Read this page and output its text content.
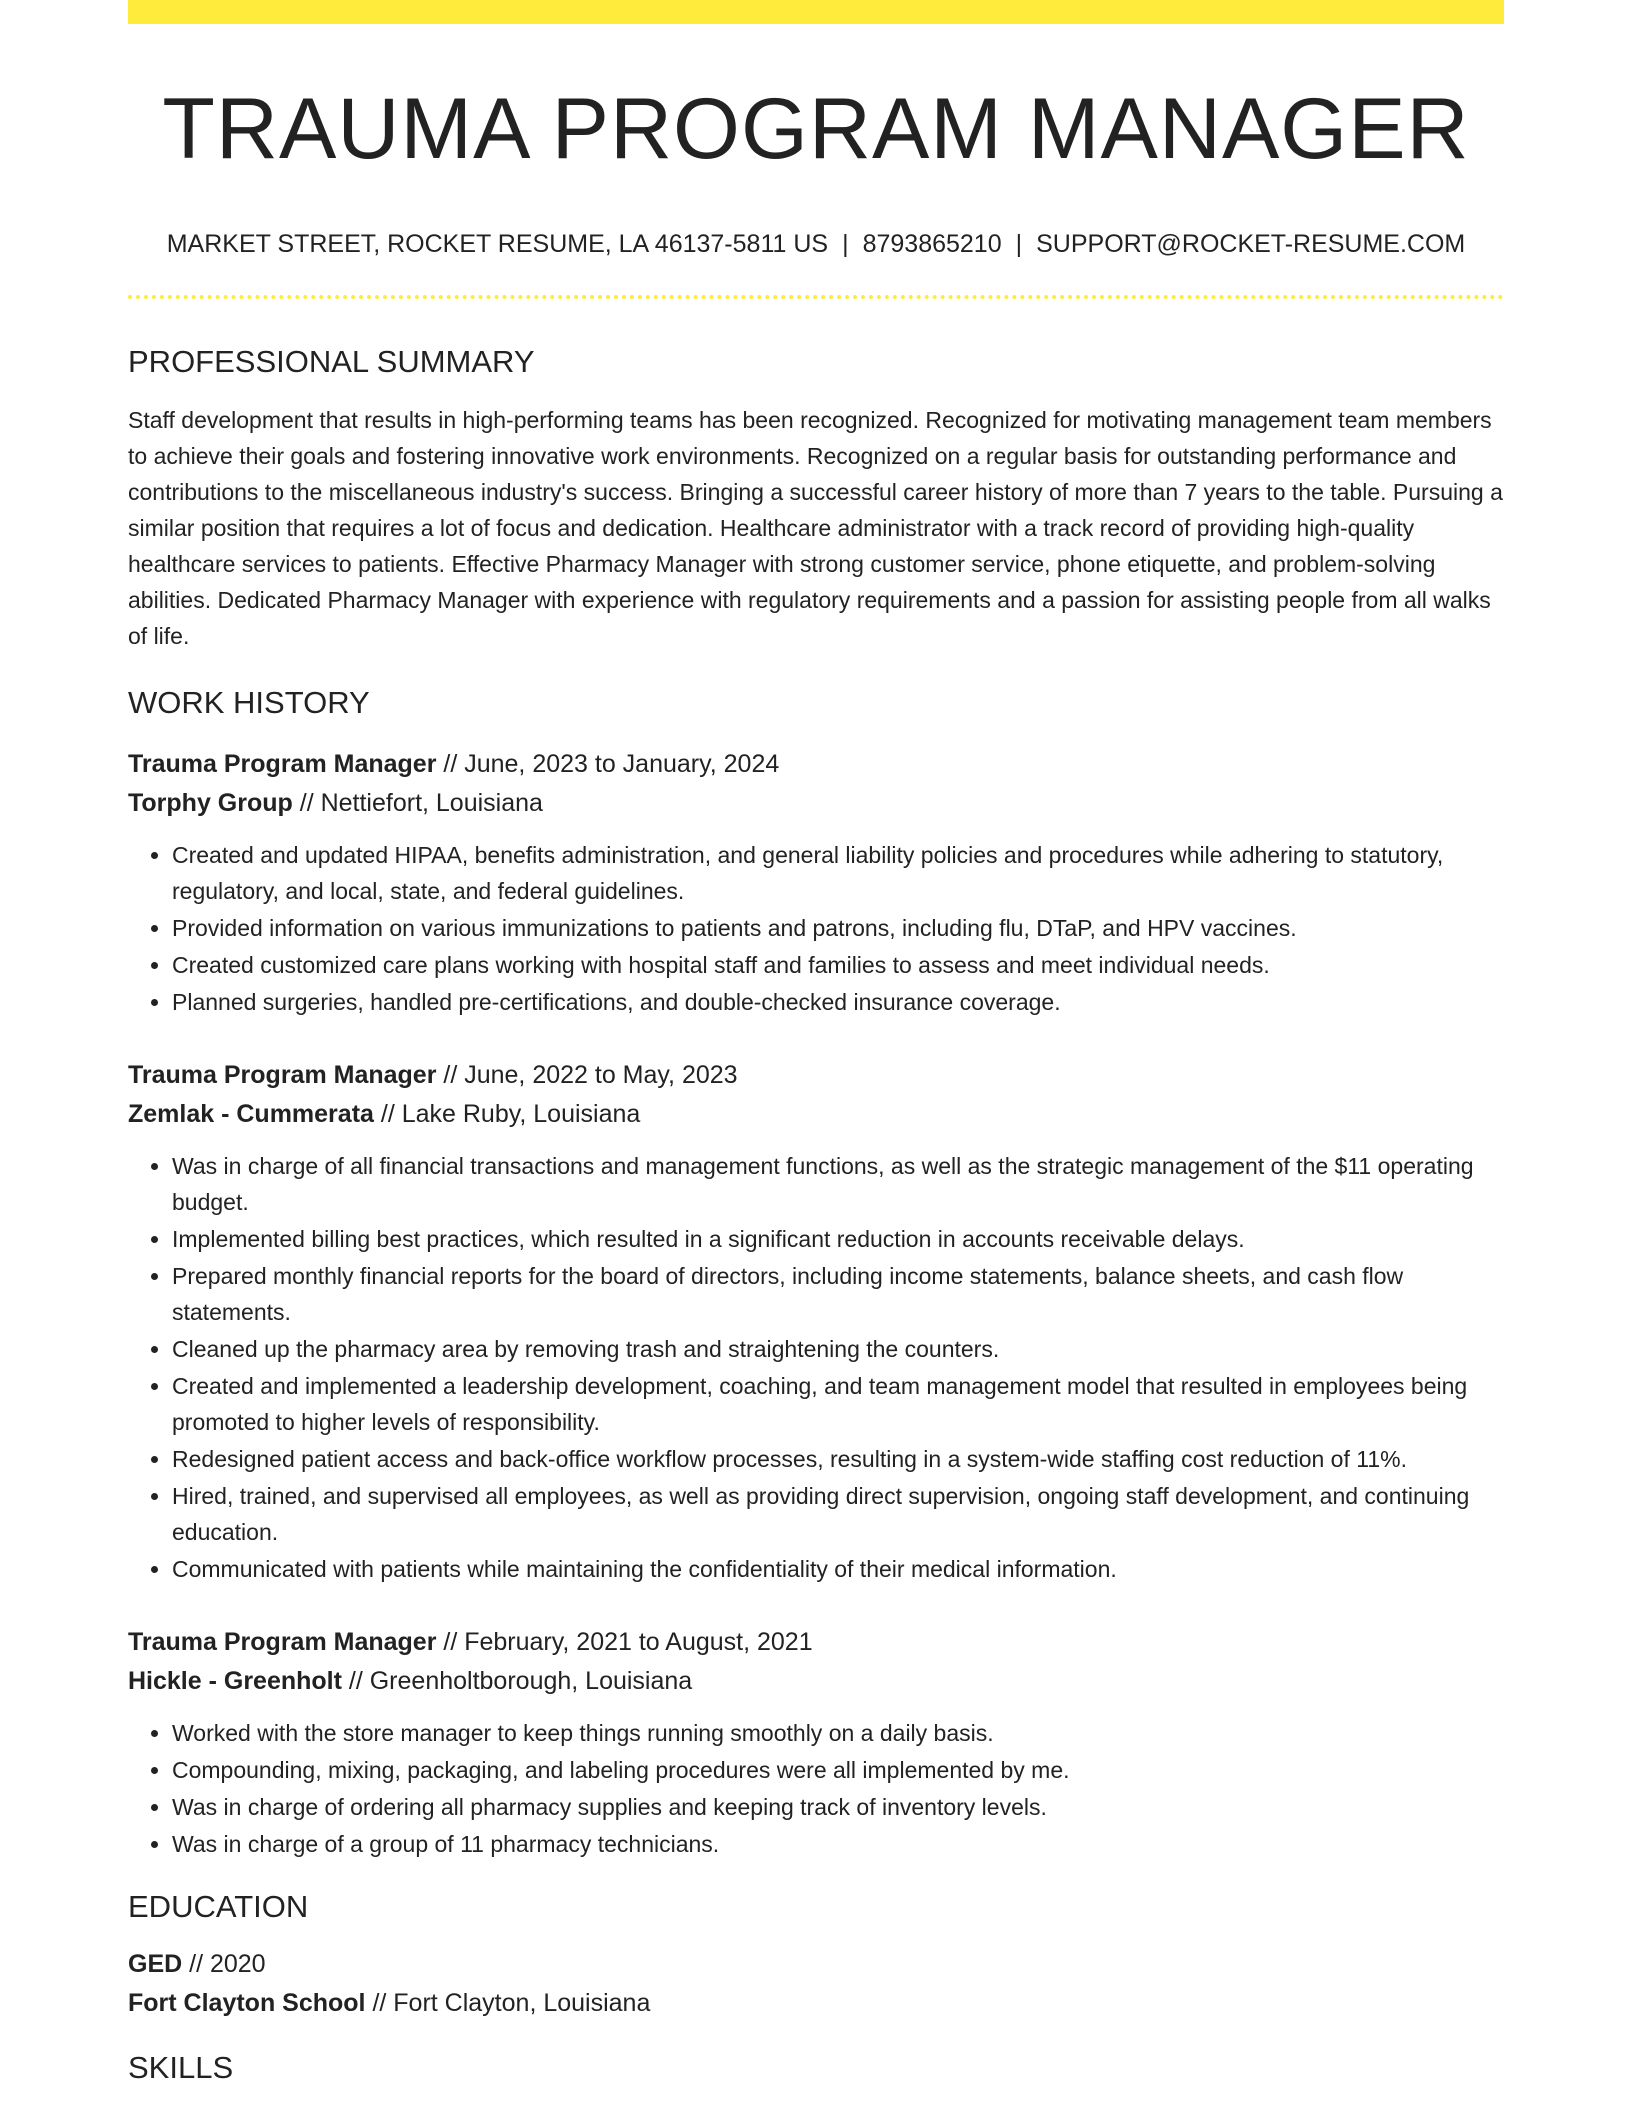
TRAUMA PROGRAM MANAGER
MARKET STREET, ROCKET RESUME, LA 46137-5811 US | 8793865210 | SUPPORT@ROCKET-RESUME.COM
PROFESSIONAL SUMMARY
Staff development that results in high-performing teams has been recognized. Recognized for motivating management team members to achieve their goals and fostering innovative work environments. Recognized on a regular basis for outstanding performance and contributions to the miscellaneous industry's success. Bringing a successful career history of more than 7 years to the table. Pursuing a similar position that requires a lot of focus and dedication. Healthcare administrator with a track record of providing high-quality healthcare services to patients. Effective Pharmacy Manager with strong customer service, phone etiquette, and problem-solving abilities. Dedicated Pharmacy Manager with experience with regulatory requirements and a passion for assisting people from all walks of life.
WORK HISTORY
Trauma Program Manager // June, 2023 to January, 2024
Torphy Group // Nettiefort, Louisiana
• Created and updated HIPAA, benefits administration, and general liability policies and procedures while adhering to statutory, regulatory, and local, state, and federal guidelines.
• Provided information on various immunizations to patients and patrons, including flu, DTaP, and HPV vaccines.
• Created customized care plans working with hospital staff and families to assess and meet individual needs.
• Planned surgeries, handled pre-certifications, and double-checked insurance coverage.
Trauma Program Manager // June, 2022 to May, 2023
Zemlak - Cummerata // Lake Ruby, Louisiana
• Was in charge of all financial transactions and management functions, as well as the strategic management of the $11 operating budget.
• Implemented billing best practices, which resulted in a significant reduction in accounts receivable delays.
• Prepared monthly financial reports for the board of directors, including income statements, balance sheets, and cash flow statements.
• Cleaned up the pharmacy area by removing trash and straightening the counters.
• Created and implemented a leadership development, coaching, and team management model that resulted in employees being promoted to higher levels of responsibility.
• Redesigned patient access and back-office workflow processes, resulting in a system-wide staffing cost reduction of 11%.
• Hired, trained, and supervised all employees, as well as providing direct supervision, ongoing staff development, and continuing education.
• Communicated with patients while maintaining the confidentiality of their medical information.
Trauma Program Manager // February, 2021 to August, 2021
Hickle - Greenholt // Greenholtborough, Louisiana
• Worked with the store manager to keep things running smoothly on a daily basis.
• Compounding, mixing, packaging, and labeling procedures were all implemented by me.
• Was in charge of ordering all pharmacy supplies and keeping track of inventory levels.
• Was in charge of a group of 11 pharmacy technicians.
EDUCATION
GED // 2020
Fort Clayton School // Fort Clayton, Louisiana
SKILLS
